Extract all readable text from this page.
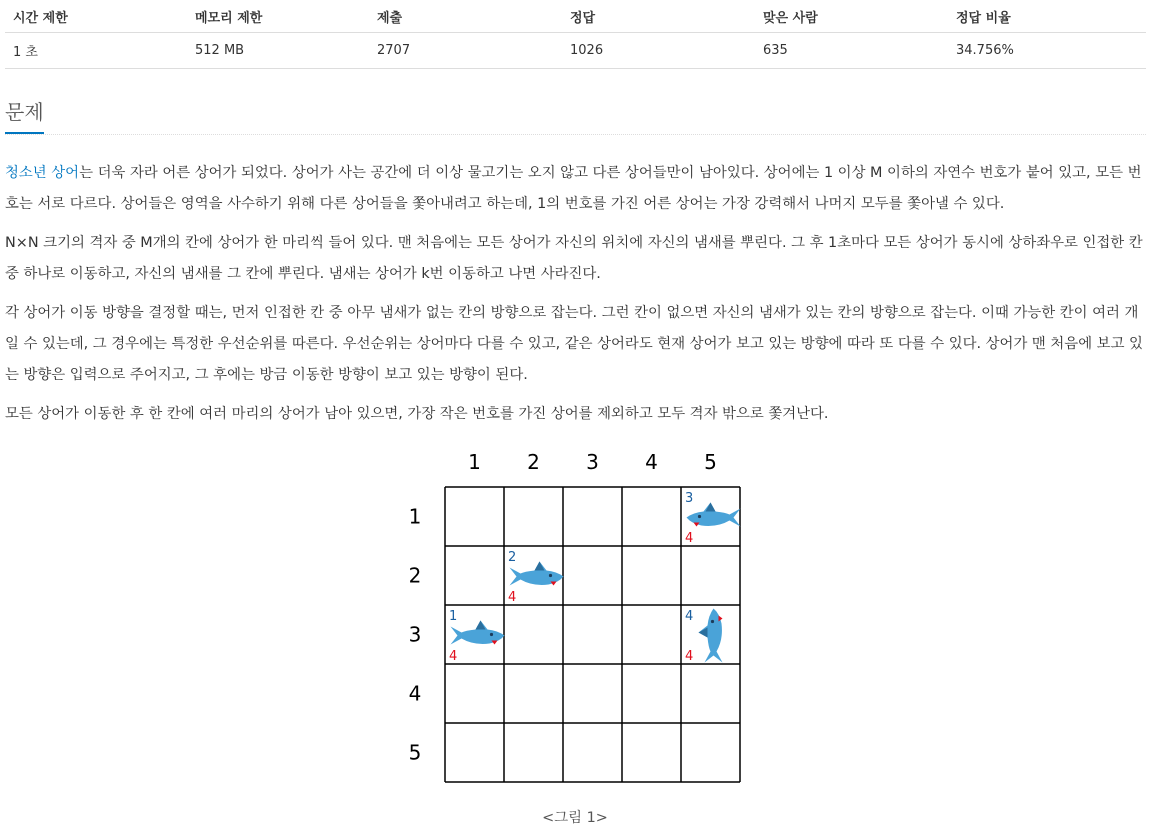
시간 제한	메모리 제한	제출	정답	맞은 사람	정답 비율
1 초	512 MB	2707	1026	635	34.756%
문제

청소년 상어는 더욱 자라 어른 상어가 되었다. 상어가 사는 공간에 더 이상 물고기는 오지 않고 다른 상어들만이 남아있다. 상어에는 1 이상 M 이하의 자연수 번호가 붙어 있고, 모든 번호는 서로 다르다. 상어들은 영역을 사수하기 위해 다른 상어들을 쫓아내려고 하는데, 1의 번호를 가진 어른 상어는 가장 강력해서 나머지 모두를 쫓아낼 수 있다.

N×N 크기의 격자 중 M개의 칸에 상어가 한 마리씩 들어 있다. 맨 처음에는 모든 상어가 자신의 위치에 자신의 냄새를 뿌린다. 그 후 1초마다 모든 상어가 동시에 상하좌우로 인접한 칸 중 하나로 이동하고, 자신의 냄새를 그 칸에 뿌린다. 냄새는 상어가 k번 이동하고 나면 사라진다.

각 상어가 이동 방향을 결정할 때는, 먼저 인접한 칸 중 아무 냄새가 없는 칸의 방향으로 잡는다. 그런 칸이 없으면 자신의 냄새가 있는 칸의 방향으로 잡는다. 이때 가능한 칸이 여러 개일 수 있는데, 그 경우에는 특정한 우선순위를 따른다. 우선순위는 상어마다 다를 수 있고, 같은 상어라도 현재 상어가 보고 있는 방향에 따라 또 다를 수 있다. 상어가 맨 처음에 보고 있는 방향은 입력으로 주어지고, 그 후에는 방금 이동한 방향이 보고 있는 방향이 된다.

모든 상어가 이동한 후 한 칸에 여러 마리의 상어가 남아 있으면, 가장 작은 번호를 가진 상어를 제외하고 모두 격자 밖으로 쫓겨난다.

1 2 3 4 5
1
2
3
4
5
1
4
2
4
3
4
4
4
<그림 1>
